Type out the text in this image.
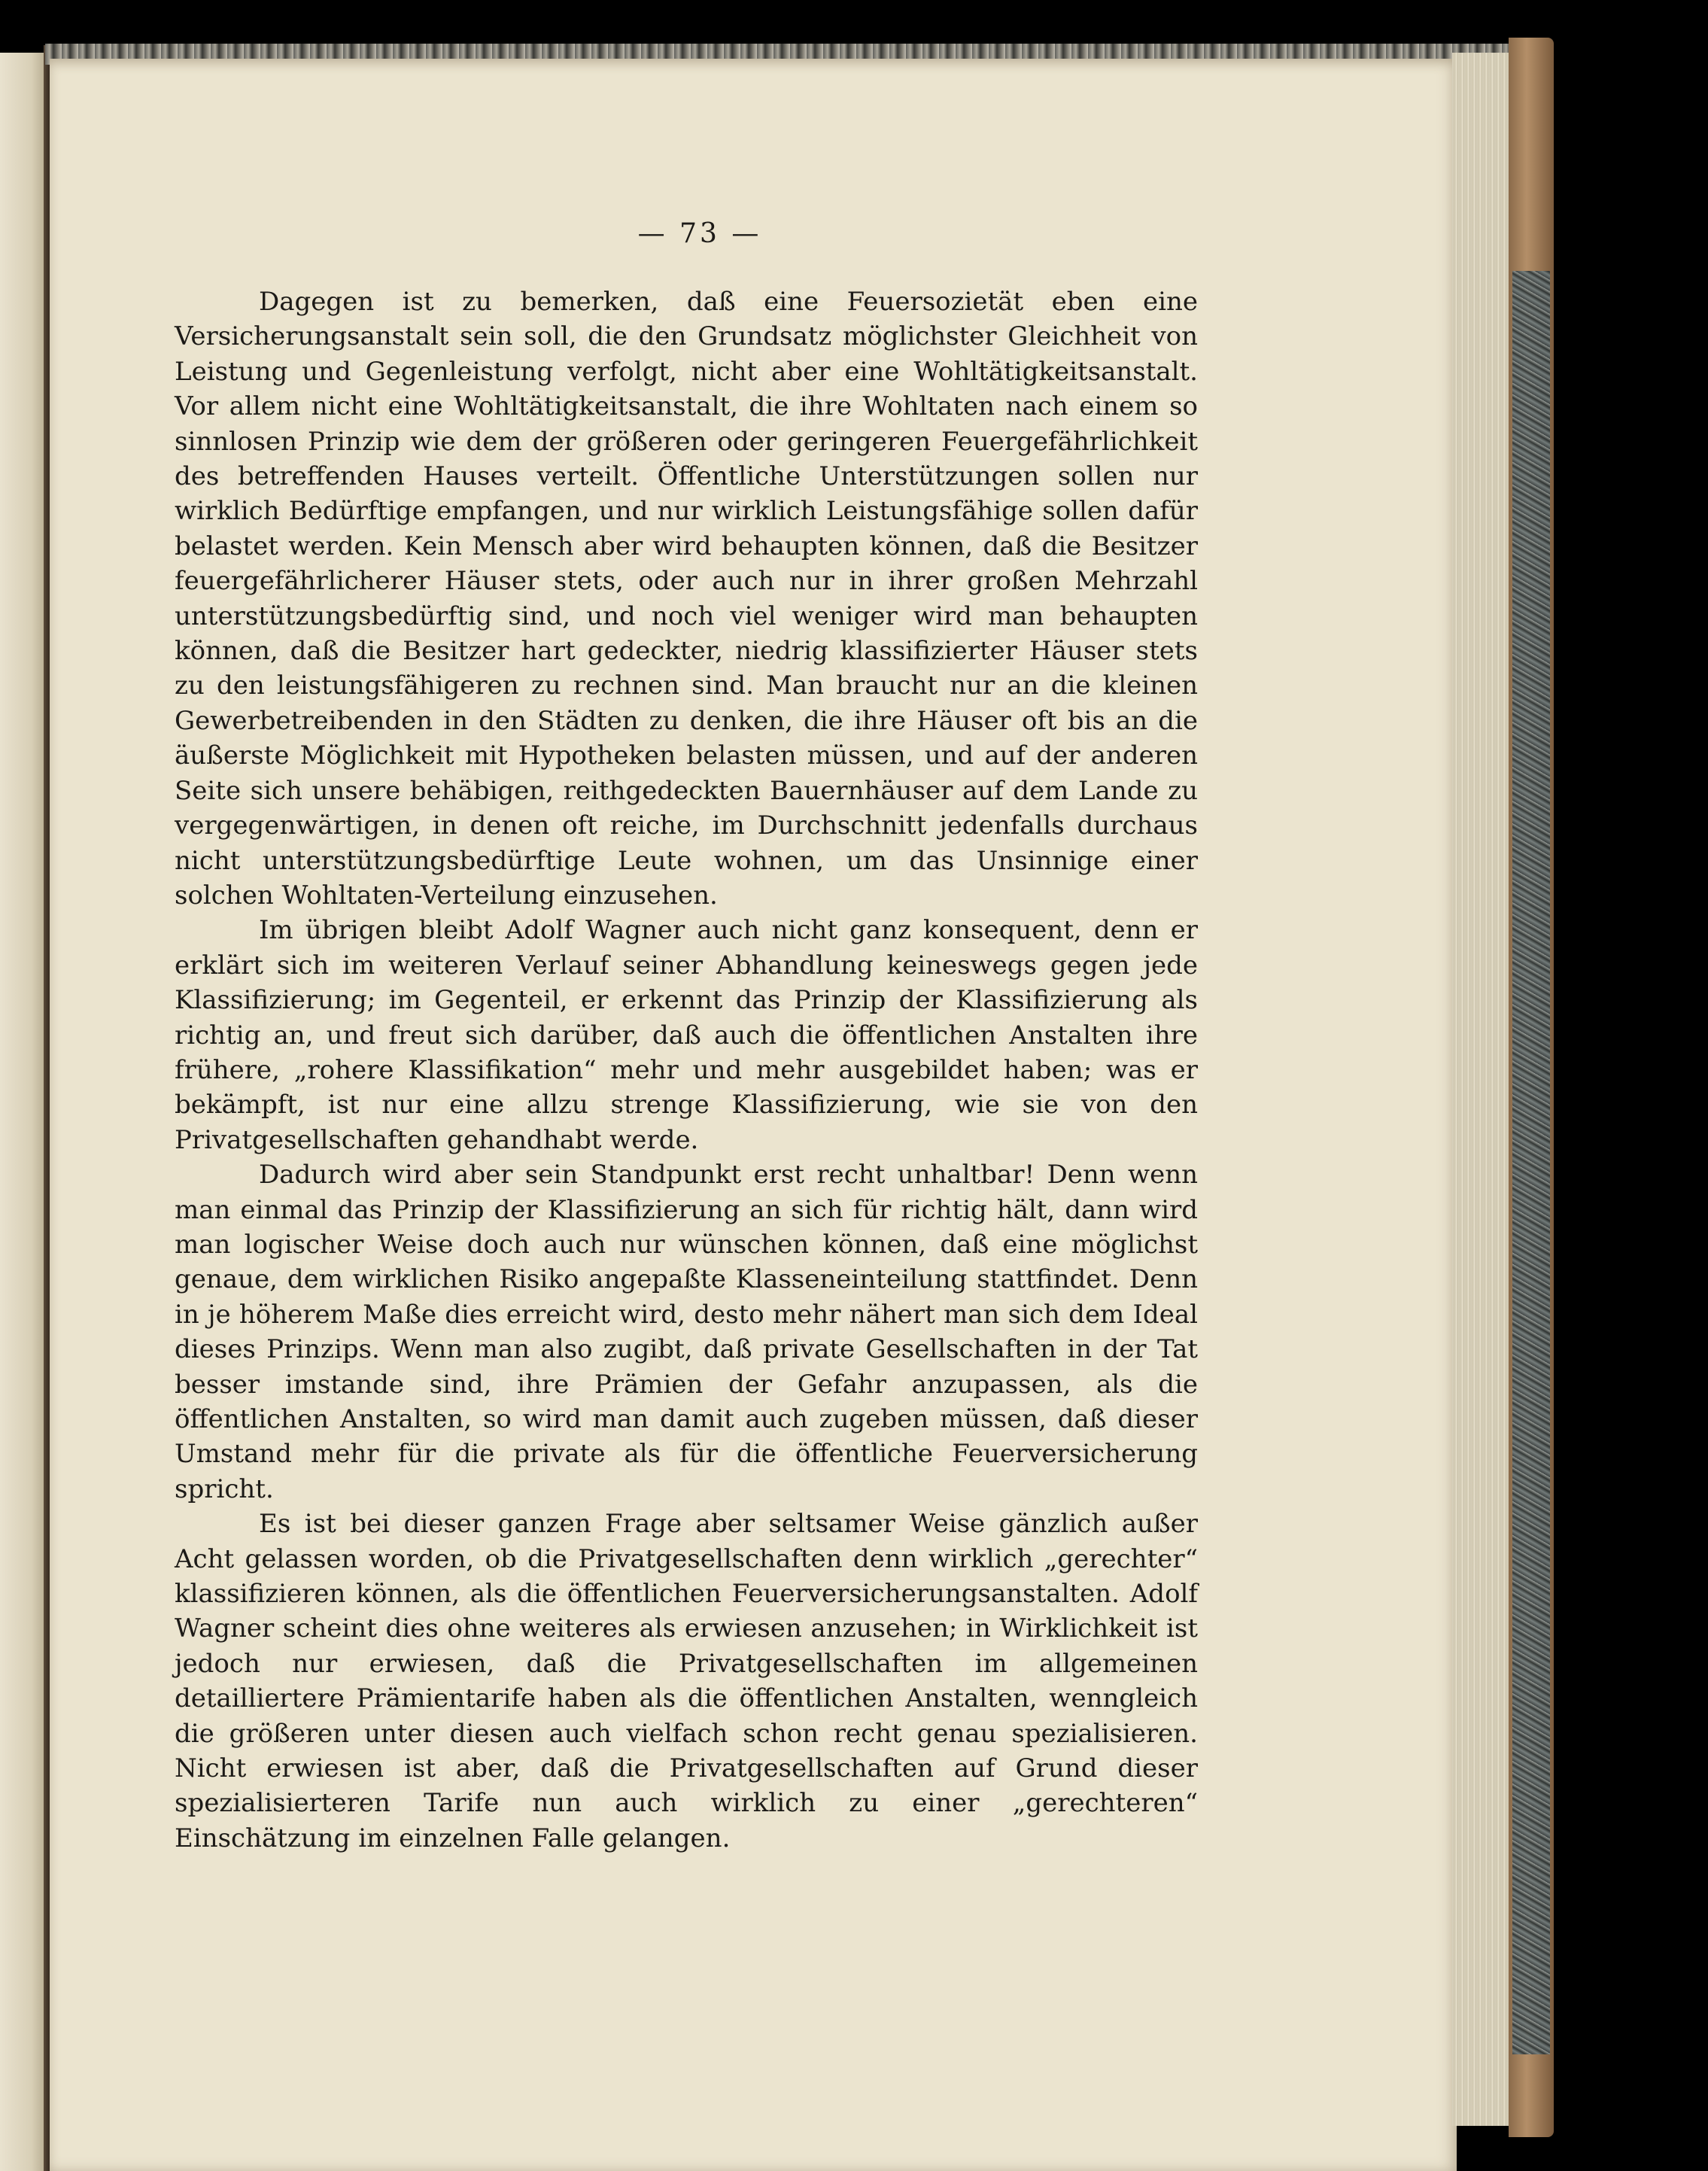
— 73 —

Dagegen ist zu bemerken, daß eine Feuersozietät eben eine Versicherungsanstalt sein soll, die den Grundsatz möglichster Gleichheit von Leistung und Gegenleistung verfolgt, nicht aber eine Wohltätigkeitsanstalt. Vor allem nicht eine Wohltätigkeitsanstalt, die ihre Wohltaten nach einem so sinnlosen Prinzip wie dem der größeren oder geringeren Feuergefährlichkeit des betreffenden Hauses verteilt. Öffentliche Unterstützungen sollen nur wirklich Bedürftige empfangen, und nur wirklich Leistungsfähige sollen dafür belastet werden. Kein Mensch aber wird behaupten können, daß die Besitzer feuergefährlicherer Häuser stets, oder auch nur in ihrer großen Mehrzahl unterstützungsbedürftig sind, und noch viel weniger wird man behaupten können, daß die Besitzer hart gedeckter, niedrig klassifizierter Häuser stets zu den leistungsfähigeren zu rechnen sind. Man braucht nur an die kleinen Gewerbetreibenden in den Städten zu denken, die ihre Häuser oft bis an die äußerste Möglichkeit mit Hypotheken belasten müssen, und auf der anderen Seite sich unsere behäbigen, reithgedeckten Bauernhäuser auf dem Lande zu vergegenwärtigen, in denen oft reiche, im Durchschnitt jedenfalls durchaus nicht unterstützungsbedürftige Leute wohnen, um das Unsinnige einer solchen Wohltaten-Verteilung einzusehen.

Im übrigen bleibt Adolf Wagner auch nicht ganz konsequent, denn er erklärt sich im weiteren Verlauf seiner Abhandlung keineswegs gegen jede Klassifizierung; im Gegenteil, er erkennt das Prinzip der Klassifizierung als richtig an, und freut sich darüber, daß auch die öffentlichen Anstalten ihre frühere, „rohere Klassifikation“ mehr und mehr ausgebildet haben; was er bekämpft, ist nur eine allzu strenge Klassifizierung, wie sie von den Privatgesellschaften gehandhabt werde.

Dadurch wird aber sein Standpunkt erst recht unhaltbar! Denn wenn man einmal das Prinzip der Klassifizierung an sich für richtig hält, dann wird man logischer Weise doch auch nur wünschen können, daß eine möglichst genaue, dem wirklichen Risiko angepaßte Klasseneinteilung stattfindet. Denn in je höherem Maße dies erreicht wird, desto mehr nähert man sich dem Ideal dieses Prinzips. Wenn man also zugibt, daß private Gesellschaften in der Tat besser imstande sind, ihre Prämien der Gefahr anzupassen, als die öffentlichen Anstalten, so wird man damit auch zugeben müssen, daß dieser Umstand mehr für die private als für die öffentliche Feuerversicherung spricht.

Es ist bei dieser ganzen Frage aber seltsamer Weise gänzlich außer Acht gelassen worden, ob die Privatgesellschaften denn wirklich „gerechter“ klassifizieren können, als die öffentlichen Feuerversicherungsanstalten. Adolf Wagner scheint dies ohne weiteres als erwiesen anzusehen; in Wirklichkeit ist jedoch nur erwiesen, daß die Privatgesellschaften im allgemeinen detailliertere Prämientarife haben als die öffentlichen Anstalten, wenngleich die größeren unter diesen auch vielfach schon recht genau spezialisieren. Nicht erwiesen ist aber, daß die Privatgesellschaften auf Grund dieser spezialisierteren Tarife nun auch wirklich zu einer „gerechteren“ Einschätzung im einzelnen Falle gelangen.
